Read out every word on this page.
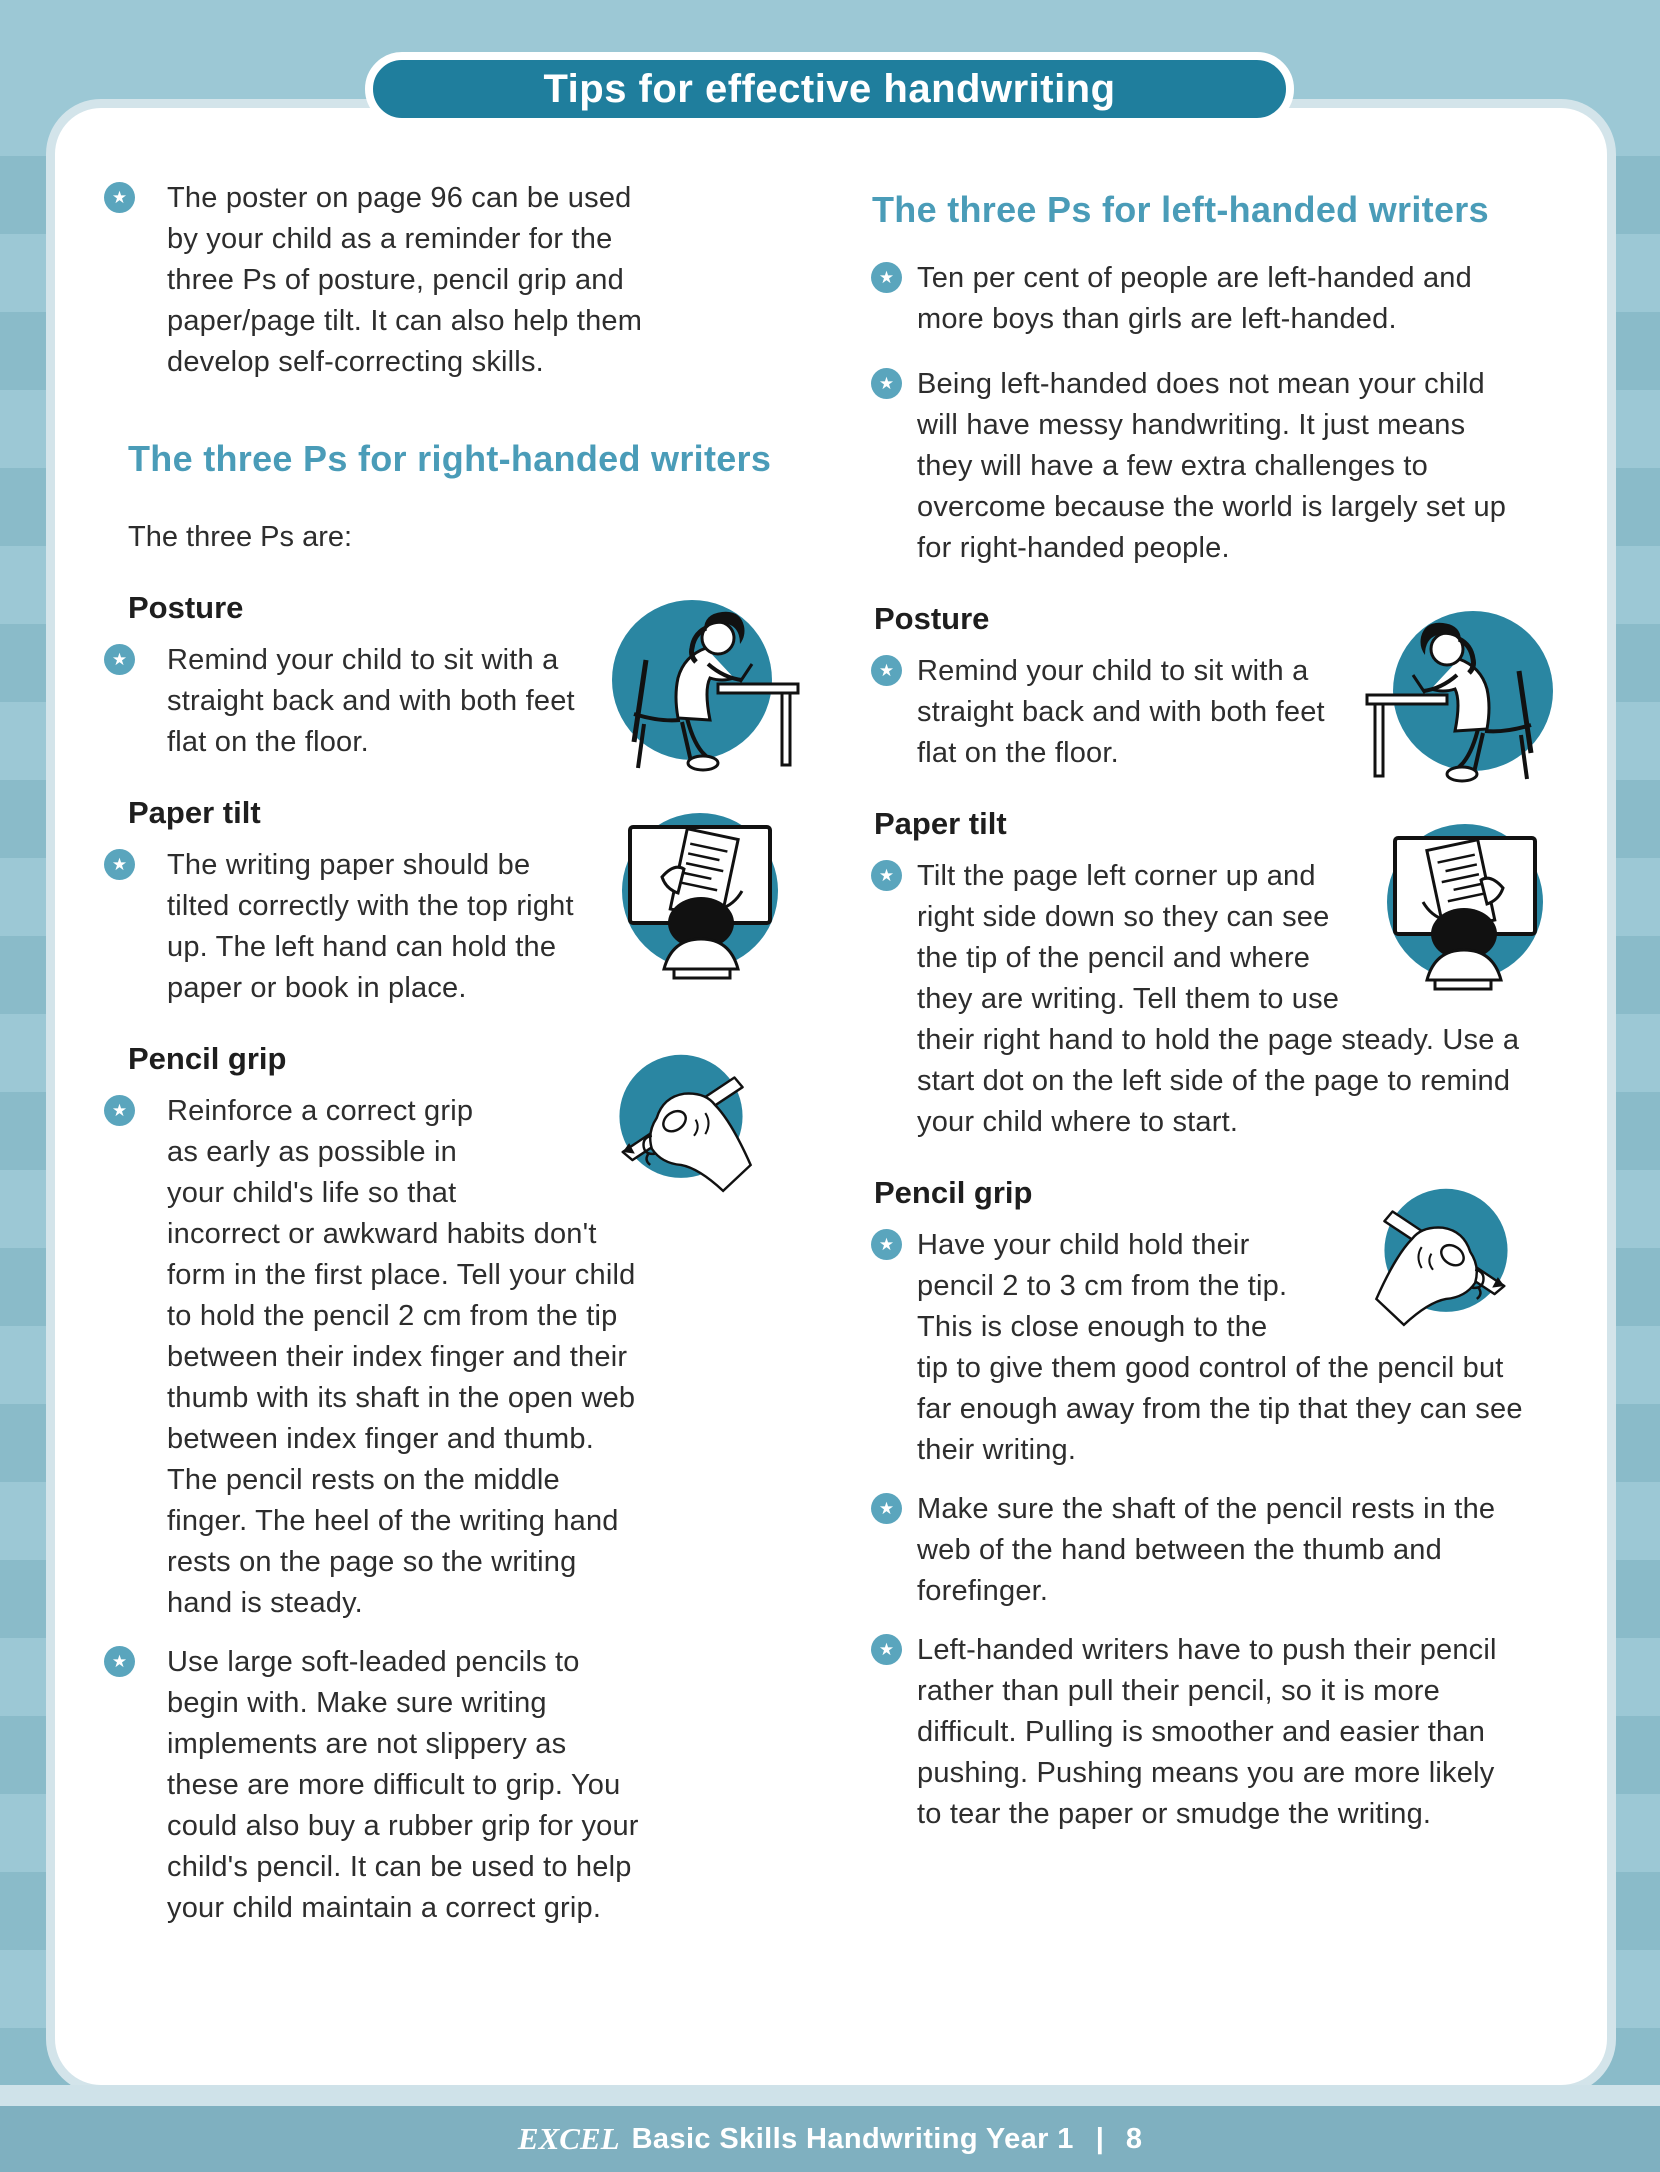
Tips for effective handwriting
★ The poster on page 96 can be used by your child as a reminder for the three Ps of posture, pencil grip and paper/page tilt. It can also help them develop self-correcting skills.

The three Ps for right-handed writers

The three Ps are:

Posture
★ Remind your child to sit with a straight back and with both feet flat on the floor.

Paper tilt
★ The writing paper should be tilted correctly with the top right up. The left hand can hold the paper or book in place.

Pencil grip
★ Reinforce a correct grip as early as possible in your child's life so that incorrect or awkward habits don't form in the first place. Tell your child to hold the pencil 2 cm from the tip between their index finger and their thumb with its shaft in the open web between index finger and thumb. The pencil rests on the middle finger. The heel of the writing hand rests on the page so the writing hand is steady.

★ Use large soft-leaded pencils to begin with. Make sure writing implements are not slippery as these are more difficult to grip. You could also buy a rubber grip for your child's pencil. It can be used to help your child maintain a correct grip.

The three Ps for left-handed writers
★ Ten per cent of people are left-handed and more boys than girls are left-handed.

★ Being left-handed does not mean your child will have messy handwriting. It just means they will have a few extra challenges to overcome because the world is largely set up for right-handed people.

Posture
★ Remind your child to sit with a straight back and with both feet flat on the floor.

Paper tilt
★ Tilt the page left corner up and right side down so they can see the tip of the pencil and where they are writing. Tell them to use their right hand to hold the page steady. Use a start dot on the left side of the page to remind your child where to start.

Pencil grip
★ Have your child hold their pencil 2 to 3 cm from the tip. This is close enough to the tip to give them good control of the pencil but far enough away from the tip that they can see their writing.

★ Make sure the shaft of the pencil rests in the web of the hand between the thumb and forefinger.

★ Left-handed writers have to push their pencil rather than pull their pencil, so it is more difficult. Pulling is smoother and easier than pushing. Pushing means you are more likely to tear the paper or smudge the writing.

EXCEL Basic Skills Handwriting Year 1 | 8
